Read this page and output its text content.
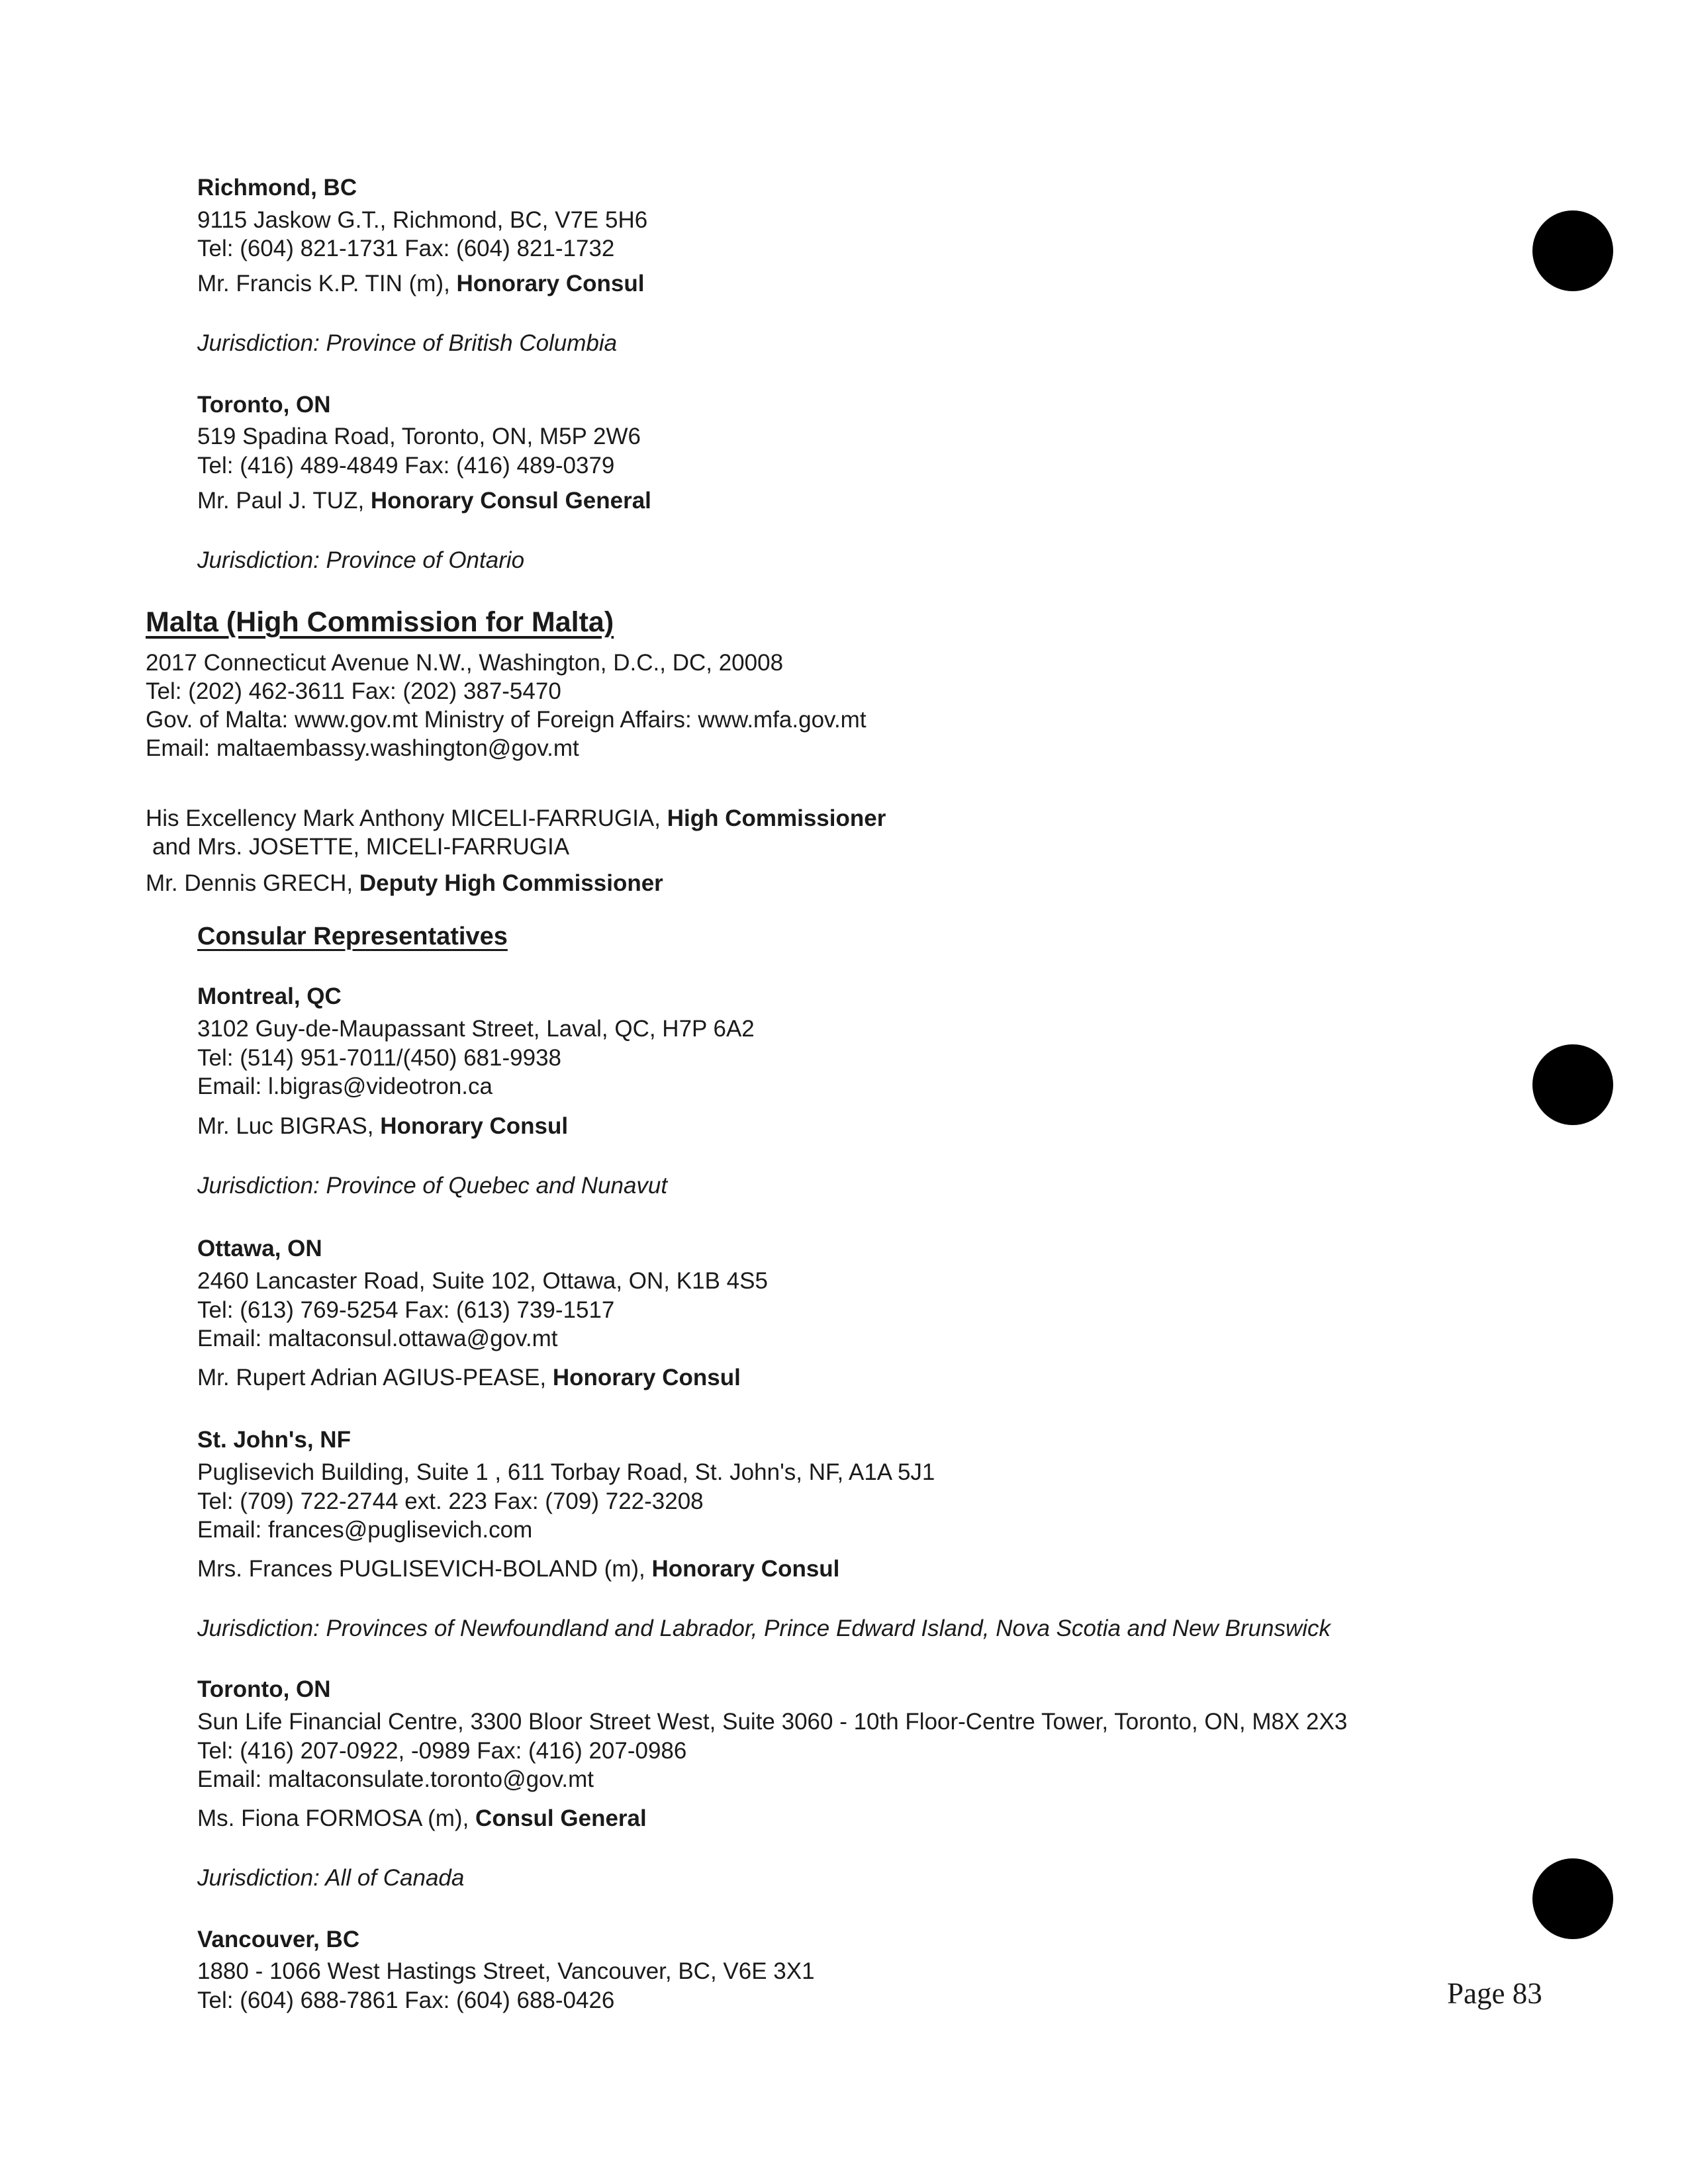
Richmond, BC
9115 Jaskow G.T., Richmond, BC, V7E 5H6
Tel: (604) 821-1731 Fax: (604) 821-1732
Mr. Francis K.P. TIN (m), Honorary Consul
Jurisdiction: Province of British Columbia
Toronto, ON
519 Spadina Road, Toronto, ON, M5P 2W6
Tel: (416) 489-4849 Fax: (416) 489-0379
Mr. Paul J. TUZ, Honorary Consul General
Jurisdiction: Province of Ontario
Malta (High Commission for Malta)
2017 Connecticut Avenue N.W., Washington, D.C., DC, 20008
Tel: (202) 462-3611 Fax: (202) 387-5470
Gov. of Malta: www.gov.mt Ministry of Foreign Affairs: www.mfa.gov.mt
Email: maltaembassy.washington@gov.mt
His Excellency Mark Anthony MICELI-FARRUGIA, High Commissioner
and Mrs. JOSETTE, MICELI-FARRUGIA
Mr. Dennis GRECH, Deputy High Commissioner
Consular Representatives
Montreal, QC
3102 Guy-de-Maupassant Street, Laval, QC, H7P 6A2
Tel: (514) 951-7011/(450) 681-9938
Email: l.bigras@videotron.ca
Mr. Luc BIGRAS, Honorary Consul
Jurisdiction: Province of Quebec and Nunavut
Ottawa, ON
2460 Lancaster Road, Suite 102, Ottawa, ON, K1B 4S5
Tel: (613) 769-5254 Fax: (613) 739-1517
Email: maltaconsul.ottawa@gov.mt
Mr. Rupert Adrian AGIUS-PEASE, Honorary Consul
St. John's, NF
Puglisevich Building, Suite 1 , 611 Torbay Road, St. John's, NF, A1A 5J1
Tel: (709) 722-2744 ext. 223 Fax: (709) 722-3208
Email: frances@puglisevich.com
Mrs. Frances PUGLISEVICH-BOLAND (m), Honorary Consul
Jurisdiction: Provinces of Newfoundland and Labrador, Prince Edward Island, Nova Scotia and New Brunswick
Toronto, ON
Sun Life Financial Centre, 3300 Bloor Street West, Suite 3060 - 10th Floor-Centre Tower, Toronto, ON, M8X 2X3
Tel: (416) 207-0922, -0989 Fax: (416) 207-0986
Email: maltaconsulate.toronto@gov.mt
Ms. Fiona FORMOSA (m), Consul General
Jurisdiction: All of Canada
Vancouver, BC
1880 - 1066 West Hastings Street, Vancouver, BC, V6E 3X1
Tel: (604) 688-7861 Fax: (604) 688-0426	Page 83
